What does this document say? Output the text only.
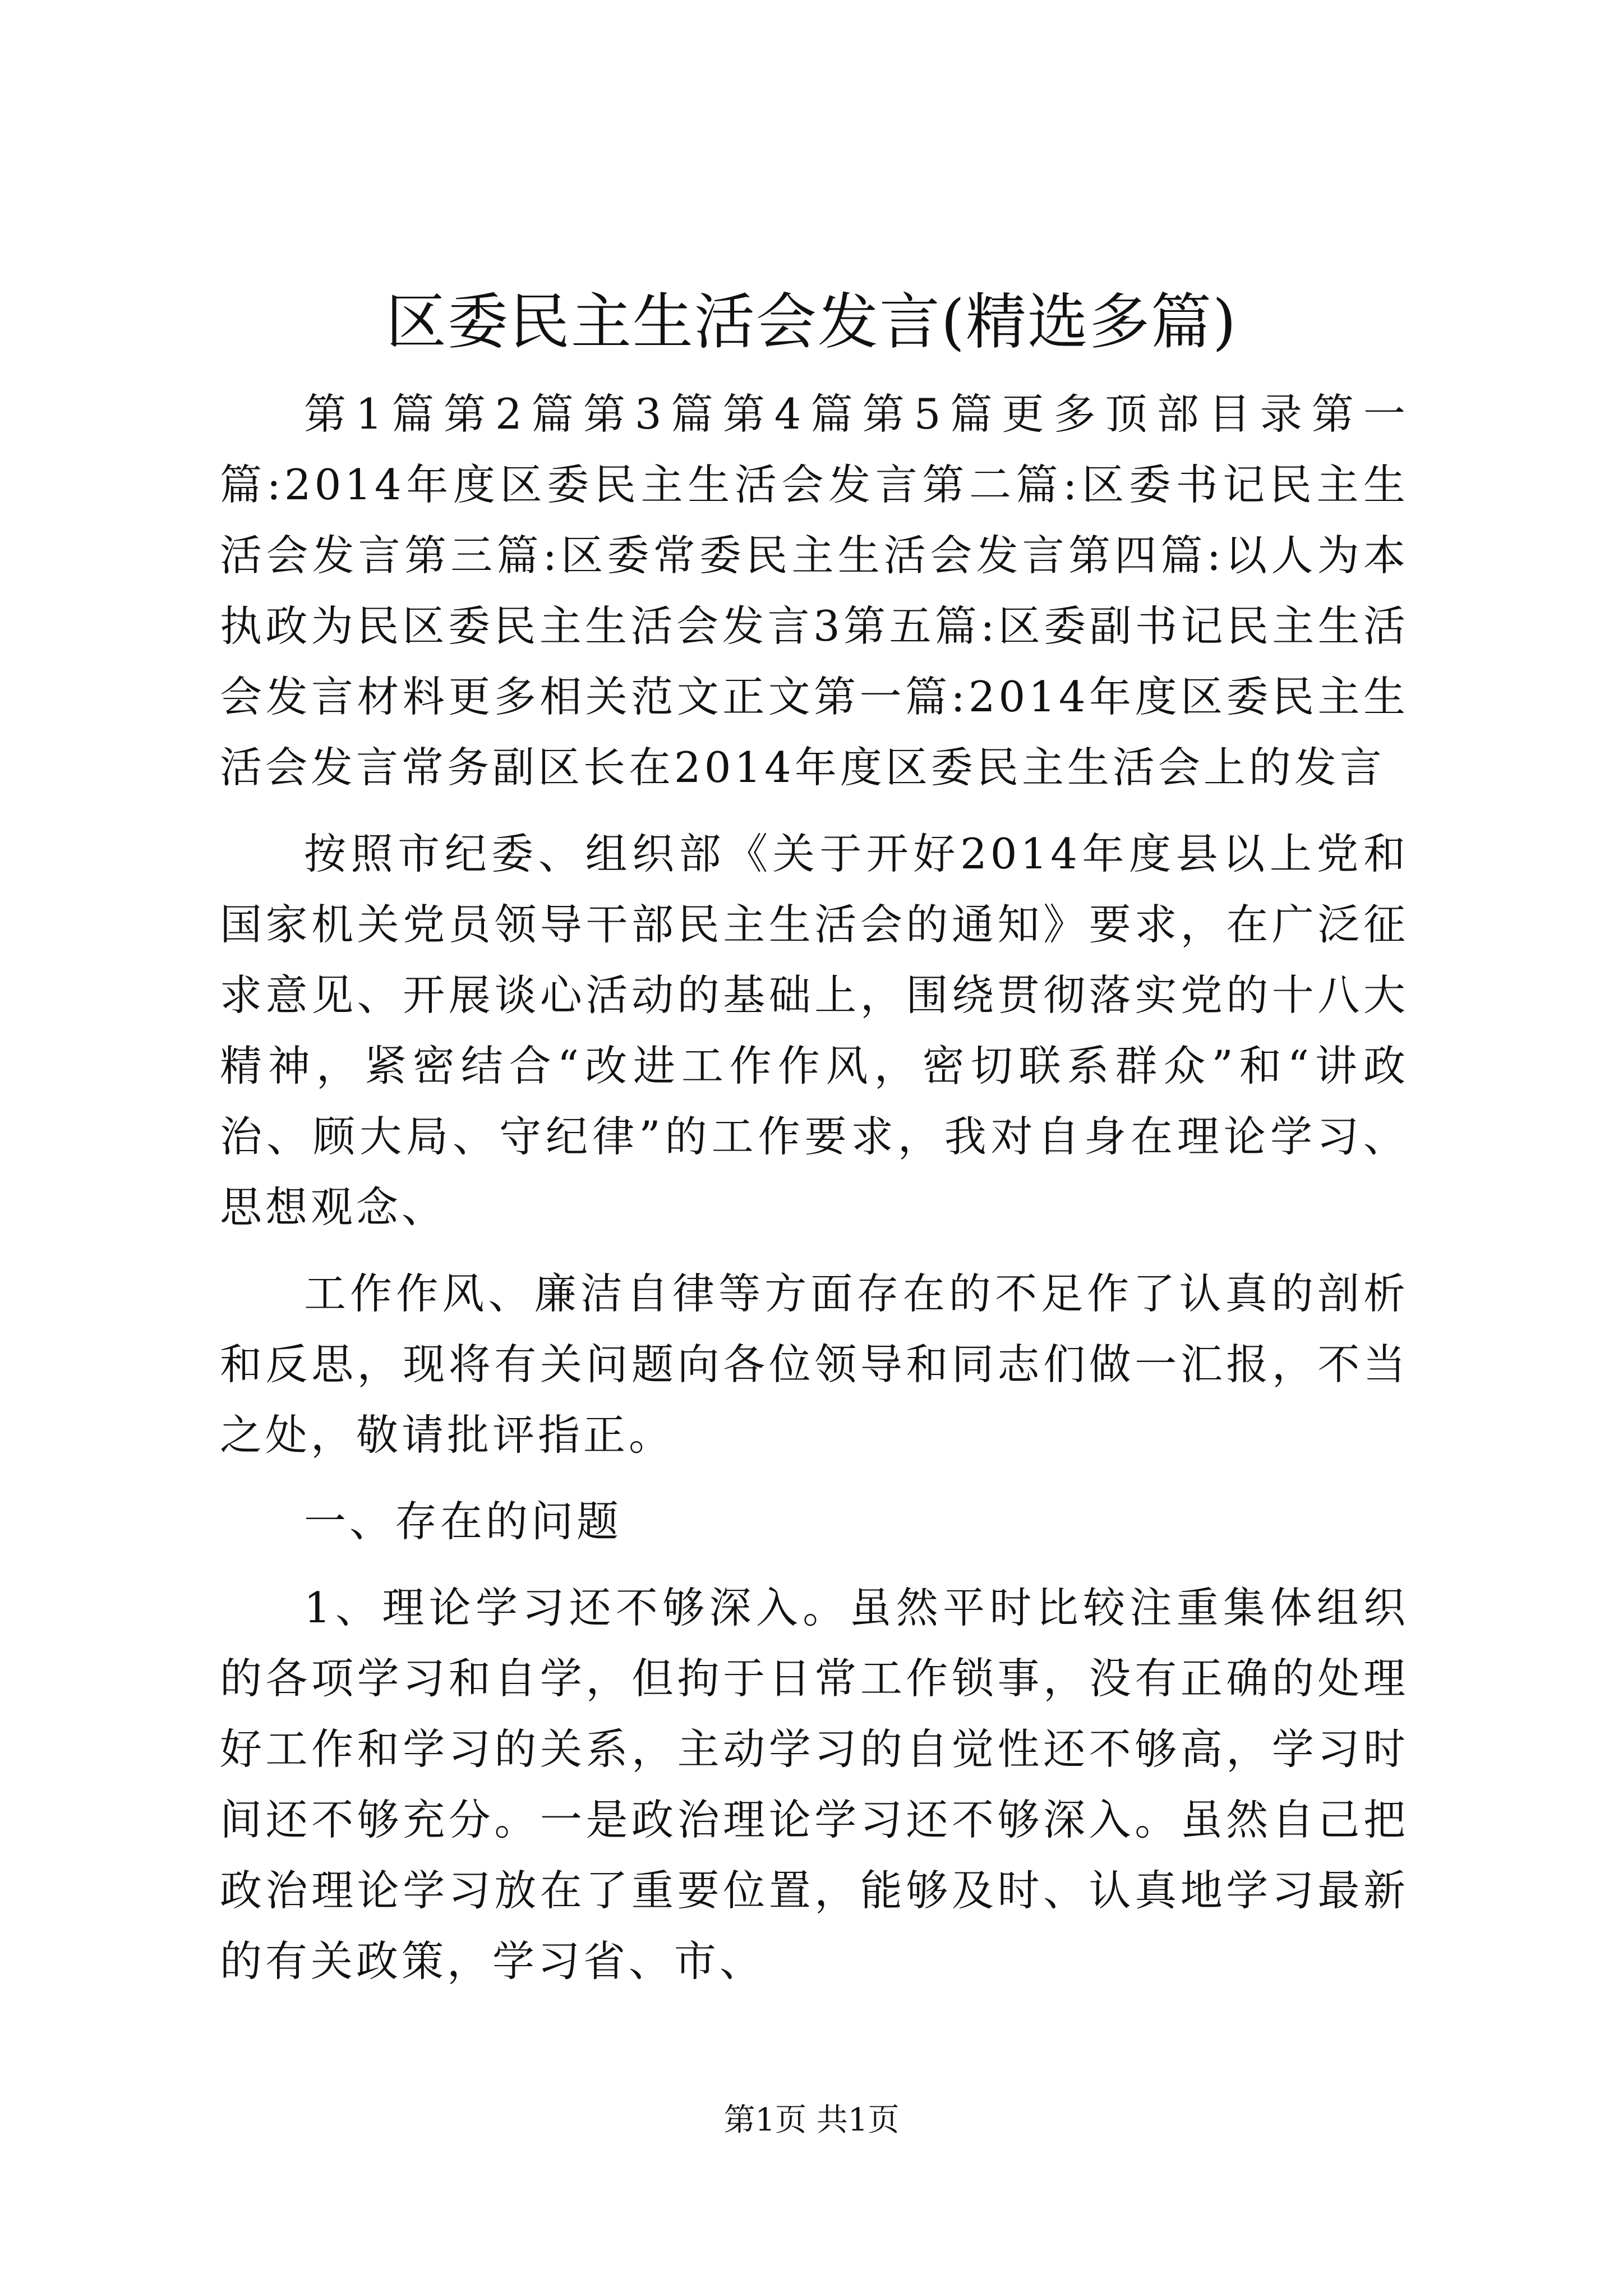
区委民主生活会发言(精选多篇)

第1篇第2篇第3篇第4篇第5篇更多顶部目录第一篇:2014年度区委民主生活会发言第二篇:区委书记民主生活会发言第三篇:区委常委民主生活会发言第四篇:以人为本执政为民区委民主生活会发言3第五篇:区委副书记民主生活会发言材料更多相关范文正文第一篇:2014年度区委民主生活会发言常务副区长在2014年度区委民主生活会上的发言

按照市纪委、组织部《关于开好2014年度县以上党和国家机关党员领导干部民主生活会的通知》要求，在广泛征求意见、开展谈心活动的基础上，围绕贯彻落实党的十八大精神，紧密结合“改进工作作风，密切联系群众”和“讲政治、顾大局、守纪律”的工作要求，我对自身在理论学习、思想观念、

工作作风、廉洁自律等方面存在的不足作了认真的剖析和反思，现将有关问题向各位领导和同志们做一汇报，不当之处，敬请批评指正。

一、存在的问题

1、理论学习还不够深入。虽然平时比较注重集体组织的各项学习和自学，但拘于日常工作锁事，没有正确的处理好工作和学习的关系，主动学习的自觉性还不够高，学习时间还不够充分。一是政治理论学习还不够深入。虽然自己把政治理论学习放在了重要位置，能够及时、认真地学习最新的有关政策，学习省、市、

第1页 共1页
